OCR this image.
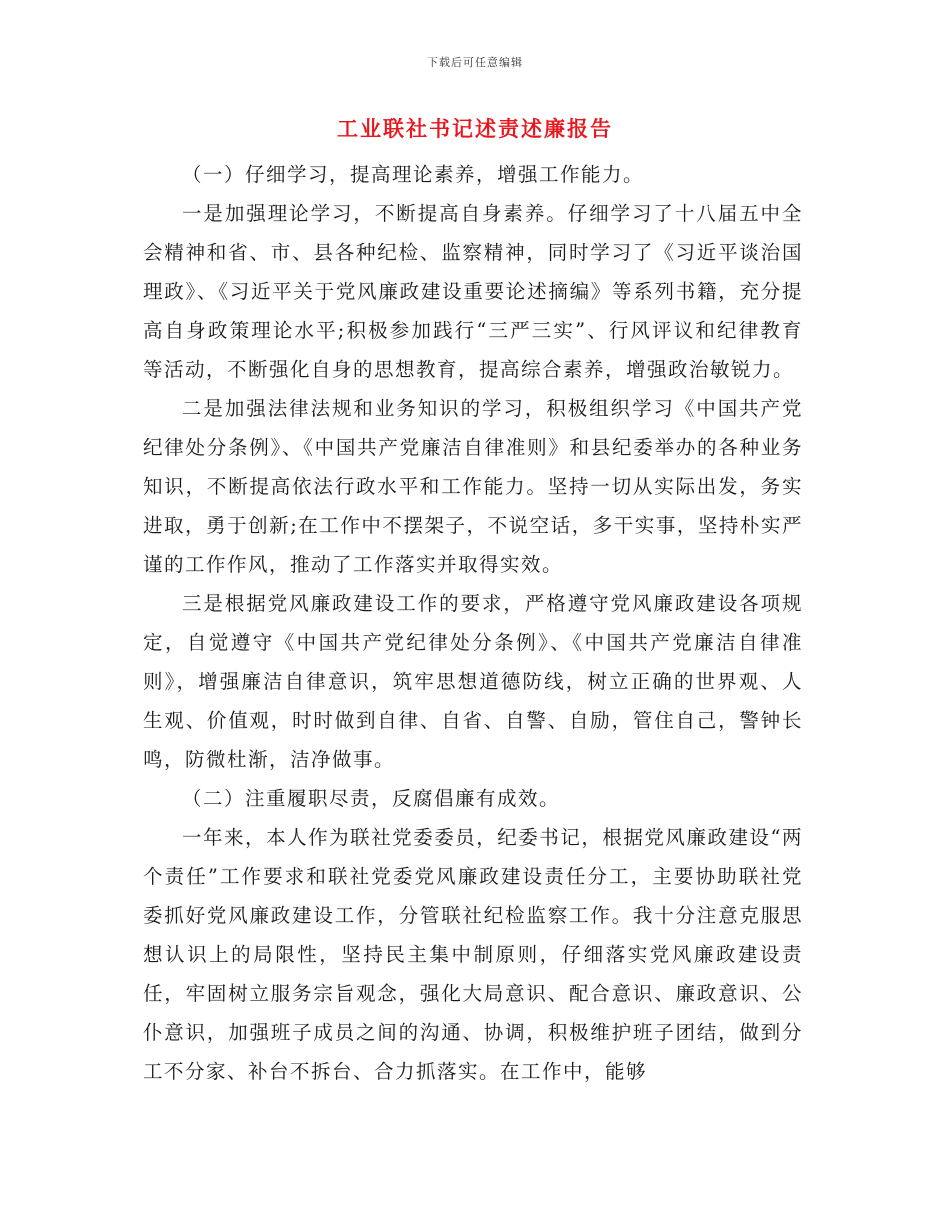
下载后可任意编辑
工业联社书记述责述廉报告

（一）仔细学习，提高理论素养，增强工作能力。

一是加强理论学习，不断提高自身素养。仔细学习了十八届五中全会精神和省、市、县各种纪检、监察精神，同时学习了《习近平谈治国理政》、《习近平关于党风廉政建设重要论述摘编》等系列书籍，充分提高自身政策理论水平;积极参加践行“三严三实”、行风评议和纪律教育等活动，不断强化自身的思想教育，提高综合素养，增强政治敏锐力。

二是加强法律法规和业务知识的学习，积极组织学习《中国共产党纪律处分条例》、《中国共产党廉洁自律准则》和县纪委举办的各种业务知识，不断提高依法行政水平和工作能力。坚持一切从实际出发，务实进取，勇于创新;在工作中不摆架子，不说空话，多干实事，坚持朴实严谨的工作作风，推动了工作落实并取得实效。

三是根据党风廉政建设工作的要求，严格遵守党风廉政建设各项规定，自觉遵守《中国共产党纪律处分条例》、《中国共产党廉洁自律准则》，增强廉洁自律意识，筑牢思想道德防线，树立正确的世界观、人生观、价值观，时时做到自律、自省、自警、自励，管住自己，警钟长鸣，防微杜渐，洁净做事。

（二）注重履职尽责，反腐倡廉有成效。

一年来，本人作为联社党委委员，纪委书记，根据党风廉政建设“两个责任”工作要求和联社党委党风廉政建设责任分工，主要协助联社党委抓好党风廉政建设工作，分管联社纪检监察工作。我十分注意克服思想认识上的局限性，坚持民主集中制原则，仔细落实党风廉政建设责任，牢固树立服务宗旨观念，强化大局意识、配合意识、廉政意识、公仆意识，加强班子成员之间的沟通、协调，积极维护班子团结，做到分工不分家、补台不拆台、合力抓落实。在工作中，能够
